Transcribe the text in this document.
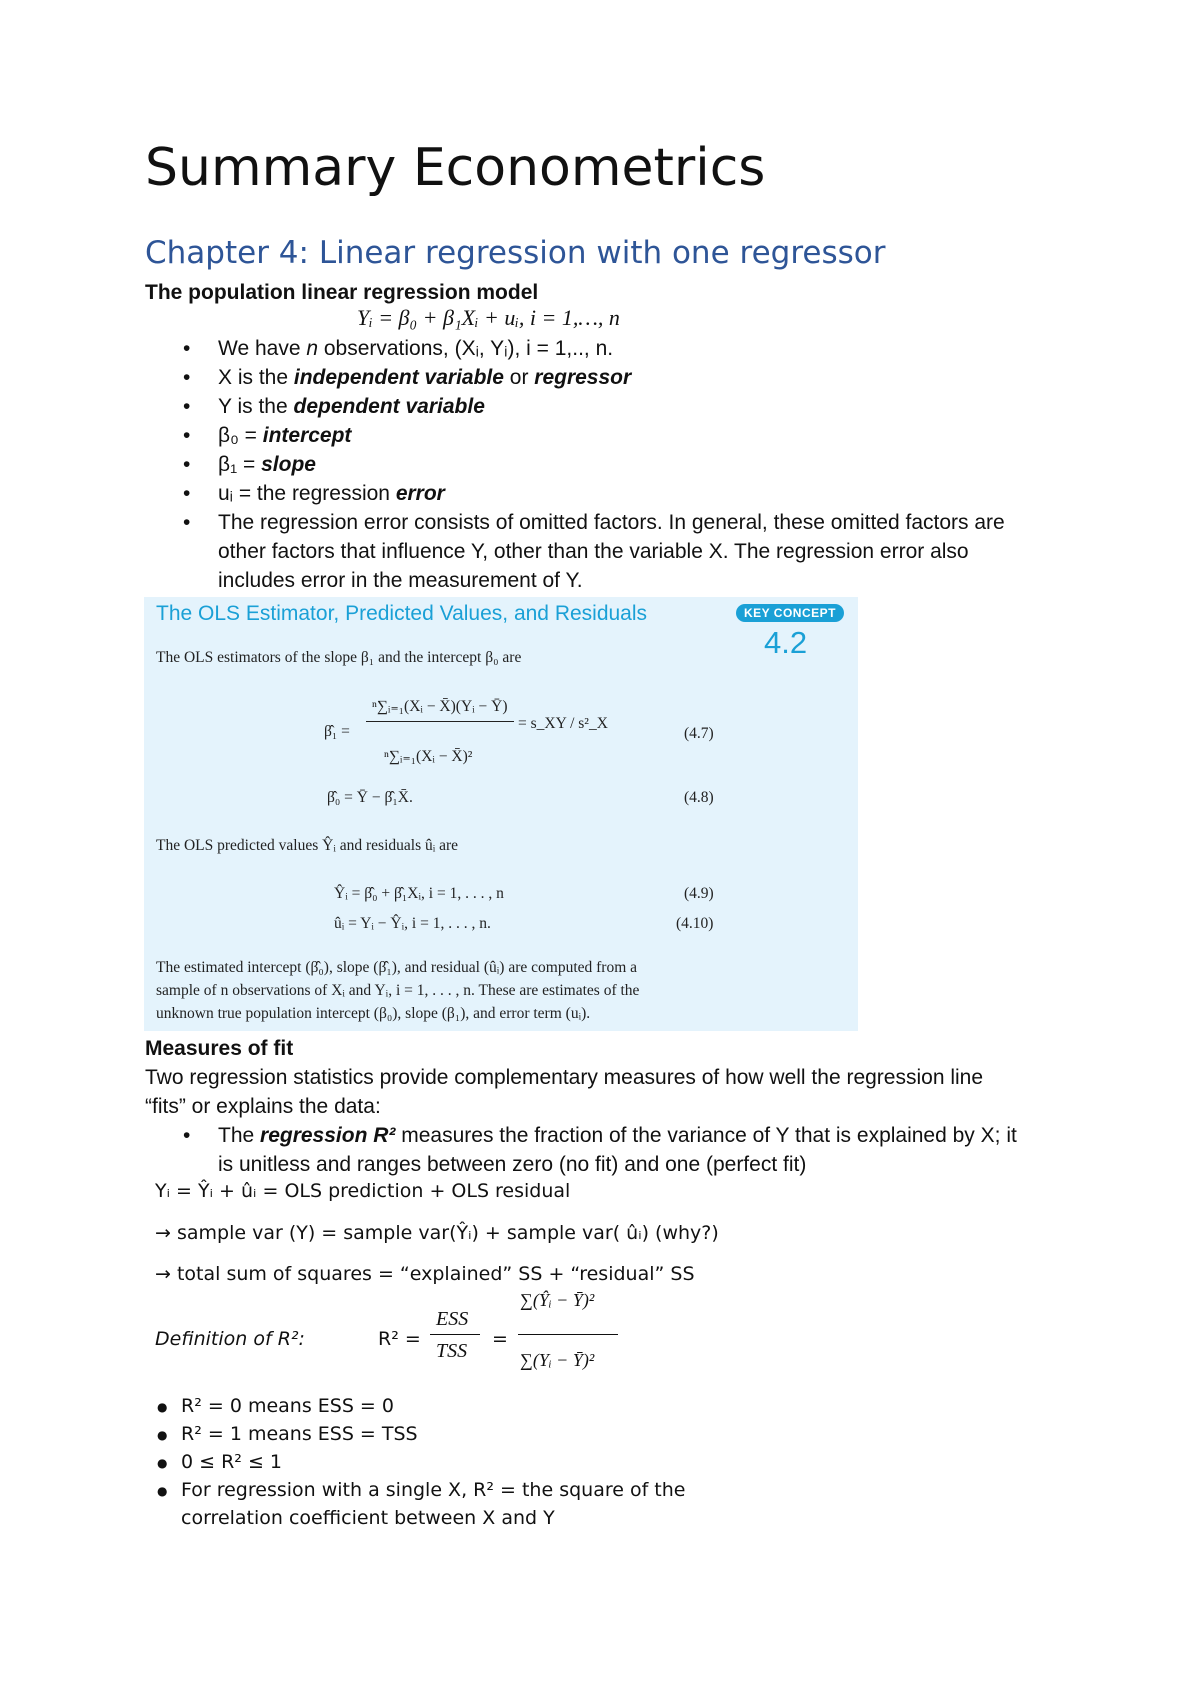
Summary Econometrics
Chapter 4: Linear regression with one regressor
The population linear regression model
Yᵢ = β₀ + β₁Xᵢ + uᵢ, i = 1,…, n
• We have n observations, (Xᵢ, Yᵢ), i = 1,.., n.
• X is the independent variable or regressor
• Y is the dependent variable
• β₀ = intercept
• β₁ = slope
• uᵢ = the regression error
• The regression error consists of omitted factors. In general, these omitted factors are
other factors that influence Y, other than the variable X. The regression error also
includes error in the measurement of Y.
The OLS Estimator, Predicted Values, and Residuals	KEY CONCEPT
4.2
The OLS estimators of the slope β₁ and the intercept β₀ are
β̂₁ =
ⁿ∑ᵢ₌₁(Xᵢ − X̄)(Yᵢ − Ȳ)
ⁿ∑ᵢ₌₁(Xᵢ − X̄)²
= s_XY / s²_X
(4.7)
β̂₀ = Ȳ − β̂₁X̄.	(4.8)
The OLS predicted values Ŷᵢ and residuals ûᵢ are
Ŷᵢ = β̂₀ + β̂₁Xᵢ, i = 1, . . . , n	(4.9)
ûᵢ = Yᵢ − Ŷᵢ, i = 1, . . . , n.	(4.10)
The estimated intercept (β̂₀), slope (β̂₁), and residual (ûᵢ) are computed from a
sample of n observations of Xᵢ and Yᵢ, i = 1, . . . , n. These are estimates of the
unknown true population intercept (β₀), slope (β₁), and error term (uᵢ).
Measures of fit
Two regression statistics provide complementary measures of how well the regression line
“fits” or explains the data:
• The regression R² measures the fraction of the variance of Y that is explained by X; it
is unitless and ranges between zero (no fit) and one (perfect fit)
Yᵢ = Ŷᵢ + ûᵢ = OLS prediction + OLS residual
→ sample var (Y) = sample var(Ŷᵢ) + sample var( ûᵢ) (why?)
→ total sum of squares = “explained” SS + “residual” SS
Definition of R²:	R² =
ESS
TSS
=
∑(Ŷᵢ − Ȳ)²
∑(Yᵢ − Ȳ)²
● R² = 0 means ESS = 0
● R² = 1 means ESS = TSS
● 0 ≤ R² ≤ 1
● For regression with a single X, R² = the square of the
correlation coefficient between X and Y
